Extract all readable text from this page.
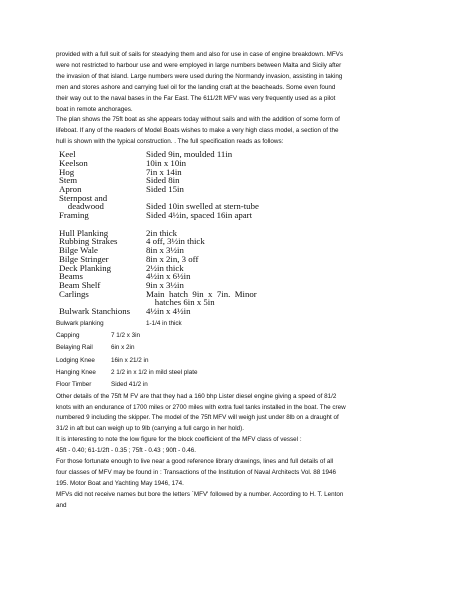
provided with a full suit of sails for steadying them and also for use in case of engine breakdown. MFVs

were not restricted to harbour use and were employed in large numbers between Malta and Sicily after

the invasion of that island. Large numbers were used during the Normandy invasion, assisting in taking

men and stores ashore and carrying fuel oil for the landing craft at the beacheads. Some even found

their way out to the naval bases in the Far East. The 611/2ft MFV was very frequently used as a pilot

boat in remote anchorages.

The plan shows the 75ft boat as she appears today without sails and with the addition of some form of

lifeboat. If any of the readers of Model Boats wishes to make a very high class model, a section of the

hull is shown with the typical construction. . The full specification reads as follows:

Keel	Sided 9in, moulded 11in
Keelson	10in x 10in
Hog	7in x 14in
Stem	Sided 8in
Apron	Sided 15in
Sternpost and
deadwood	Sided 10in swelled at stern-tube
Framing	Sided 4½in, spaced 16in apart
Hull Planking	2in thick
Rubbing Strakes	4 off, 3½in thick
Bilge Wale	8in x 3½in
Bilge Stringer	8in x 2in, 3 off
Deck Planking	2½in thick
Beams	4½in x 6½in
Beam Shelf	9in x 3½in
Carlings	Main  hatch  9in  x  7in.  Minor
hatches 6in x 5in
Bulwark Stanchions	4½in x 4½in
Bulwark planking	1-1/4 in thick
Capping	7 1/2 x 3in
Belaying Rail	6in x 2in
Lodging Knee	16in x 21/2 in
Hanging Knee	2 1/2 in x 1/2 in mild steel plate
Floor Timber	Sided 41/2 in

Other details of the 75ft M FV are that they had a 160 bhp Lister diesel engine giving a speed of 81/2

knots with an endurance of 1700 miles or 2700 miles with extra fuel tanks installed in the boat. The crew

numbered 9 including the skipper. The model of the 75ft MFV will weigh just under 8lb on a draught of

31/2 in aft but can weigh up to 9lb (carrying a full cargo in her hold).

It is interesting to note the low figure for the block coefficient of the MFV class of vessel :

45ft - 0.40; 61-1/2ft - 0.35 ; 75ft - 0.43 ; 90ft - 0.46.

For those fortunate enough to live near a good reference library drawings, lines and full details of all

four classes of MFV may be found in : Transactions of the Institution of Naval Architects Vol. 88 1946

195. Motor Boat and Yachting May 1946, 174.

MFVs did not receive names but bore the letters `MFV' followed by a number. According to H. T. Lenton

and
